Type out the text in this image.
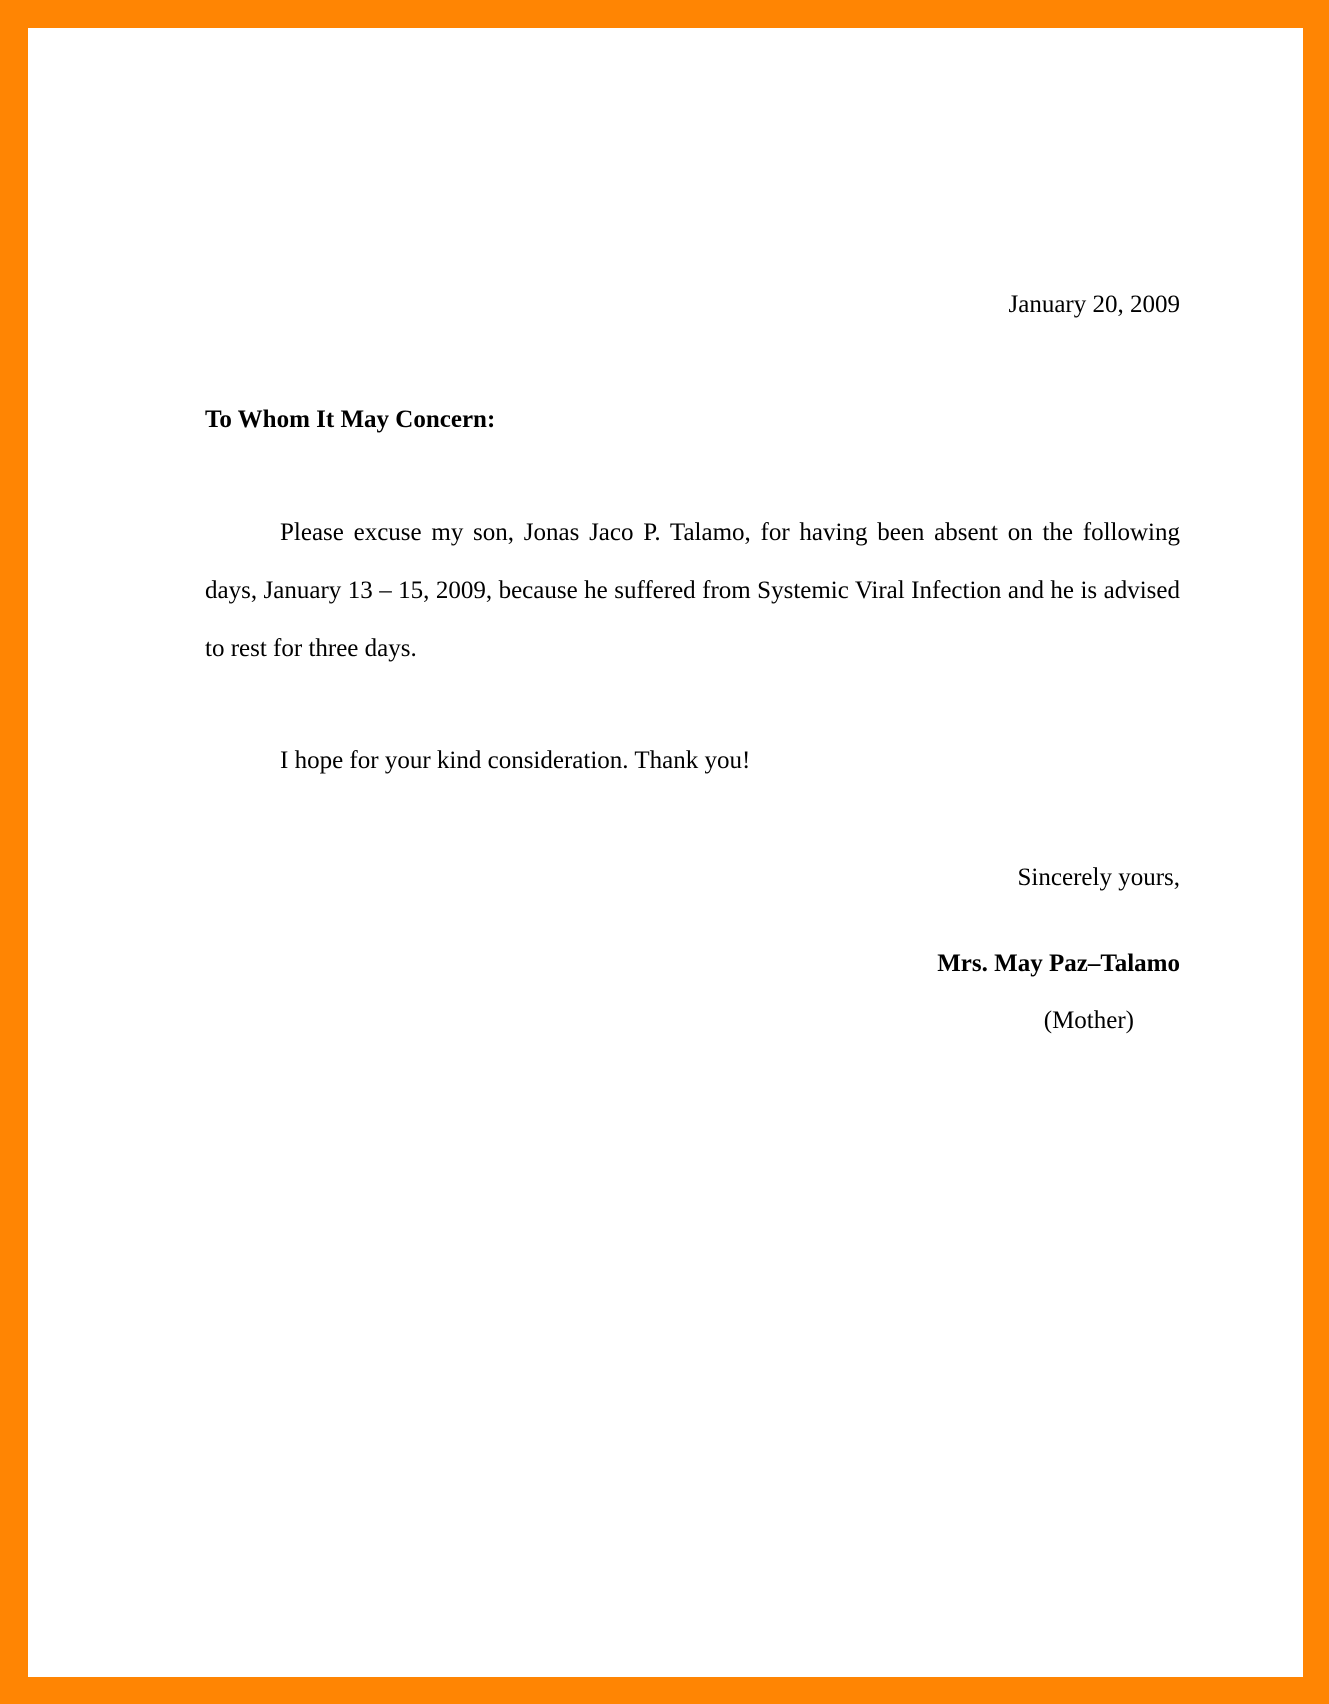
January 20, 2009
To Whom It May Concern:

Please excuse my son, Jonas Jaco P. Talamo, for having been absent on the following days, January 13 – 15, 2009, because he suffered from Systemic Viral Infection and he is advised to rest for three days.

I hope for your kind consideration. Thank you!
Sincerely yours,
Mrs. May Paz–Talamo
(Mother)
